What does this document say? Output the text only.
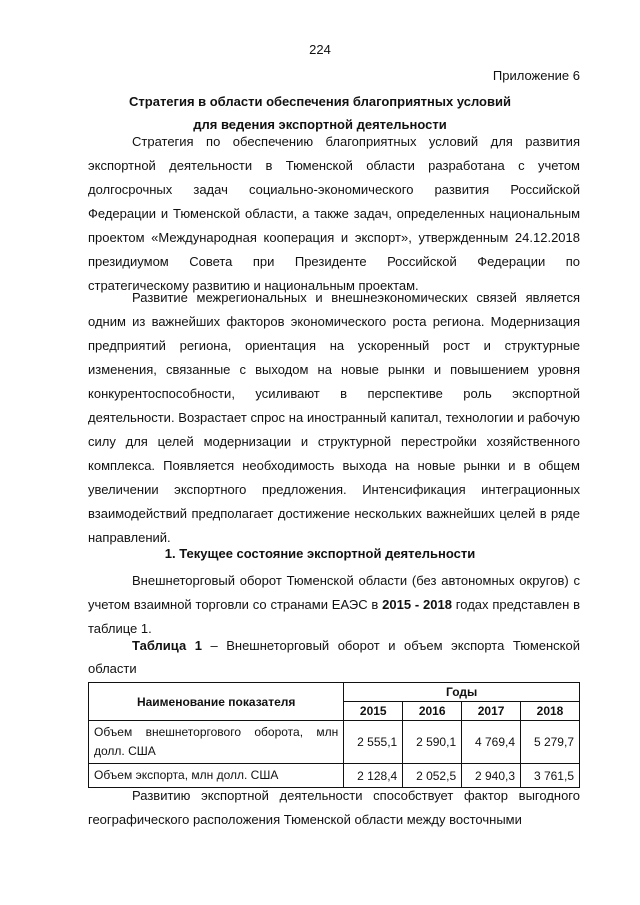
224
Приложение 6
Стратегия в области обеспечения благоприятных условий
для ведения экспортной деятельности

Стратегия по обеспечению благоприятных условий для развития экспортной деятельности в Тюменской области разработана с учетом долгосрочных задач социально-экономического развития Российской Федерации и Тюменской области, а также задач, определенных национальным проектом «Международная кооперация и экспорт», утвержденным 24.12.2018 президиумом Совета при Президенте Российской Федерации по стратегическому развитию и национальным проектам.

Развитие межрегиональных и внешнеэкономических связей является одним из важнейших факторов экономического роста региона. Модернизация предприятий региона, ориентация на ускоренный рост и структурные изменения, связанные с выходом на новые рынки и повышением уровня конкурентоспособности, усиливают в перспективе роль экспортной деятельности. Возрастает спрос на иностранный капитал, технологии и рабочую силу для целей модернизации и структурной перестройки хозяйственного комплекса. Появляется необходимость выхода на новые рынки и в общем увеличении экспортного предложения. Интенсификация интеграционных взаимодействий предполагает достижение нескольких важнейших целей в ряде направлений.

1. Текущее состояние экспортной деятельности

Внешнеторговый оборот Тюменской области (без автономных округов) с учетом взаимной торговли со странами ЕАЭС в 2015 - 2018 годах представлен в таблице 1.

Таблица 1 – Внешнеторговый оборот и объем экспорта Тюменской области
Наименование показателя	Годы			
	2015	2016	2017	2018
Объем внешнеторгового оборота, млн долл. США	2 555,1	2 590,1	4 769,4	5 279,7
Объем экспорта, млн долл. США	2 128,4	2 052,5	2 940,3	3 761,5

Развитию экспортной деятельности способствует фактор выгодного географического расположения Тюменской области между восточными
